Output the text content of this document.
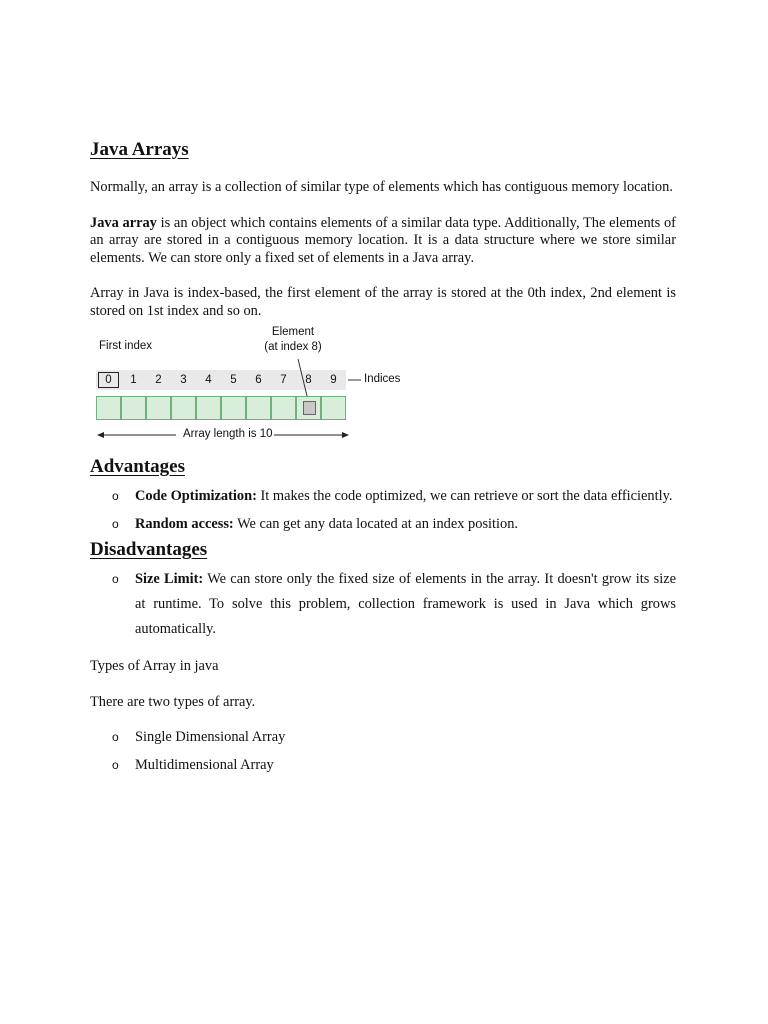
Java Arrays

Normally, an array is a collection of similar type of elements which has contiguous memory location.

Java array is an object which contains elements of a similar data type. Additionally, The elements of an array are stored in a contiguous memory location. It is a data structure where we store similar elements. We can store only a fixed set of elements in a Java array.

Array in Java is index-based, the first element of the array is stored at the 0th index, 2nd element is stored on 1st index and so on.

First index
Element
(at index 8)
0	1	2	3	4	5	6	7	8	9	Indices
Array length is 10
Advantages
o Code Optimization: It makes the code optimized, we can retrieve or sort the data efficiently.
o Random access: We can get any data located at an index position.
Disadvantages
o Size Limit: We can store only the fixed size of elements in the array. It doesn't grow its size at runtime. To solve this problem, collection framework is used in Java which grows automatically.

Types of Array in java

There are two types of array.

o Single Dimensional Array
o Multidimensional Array
